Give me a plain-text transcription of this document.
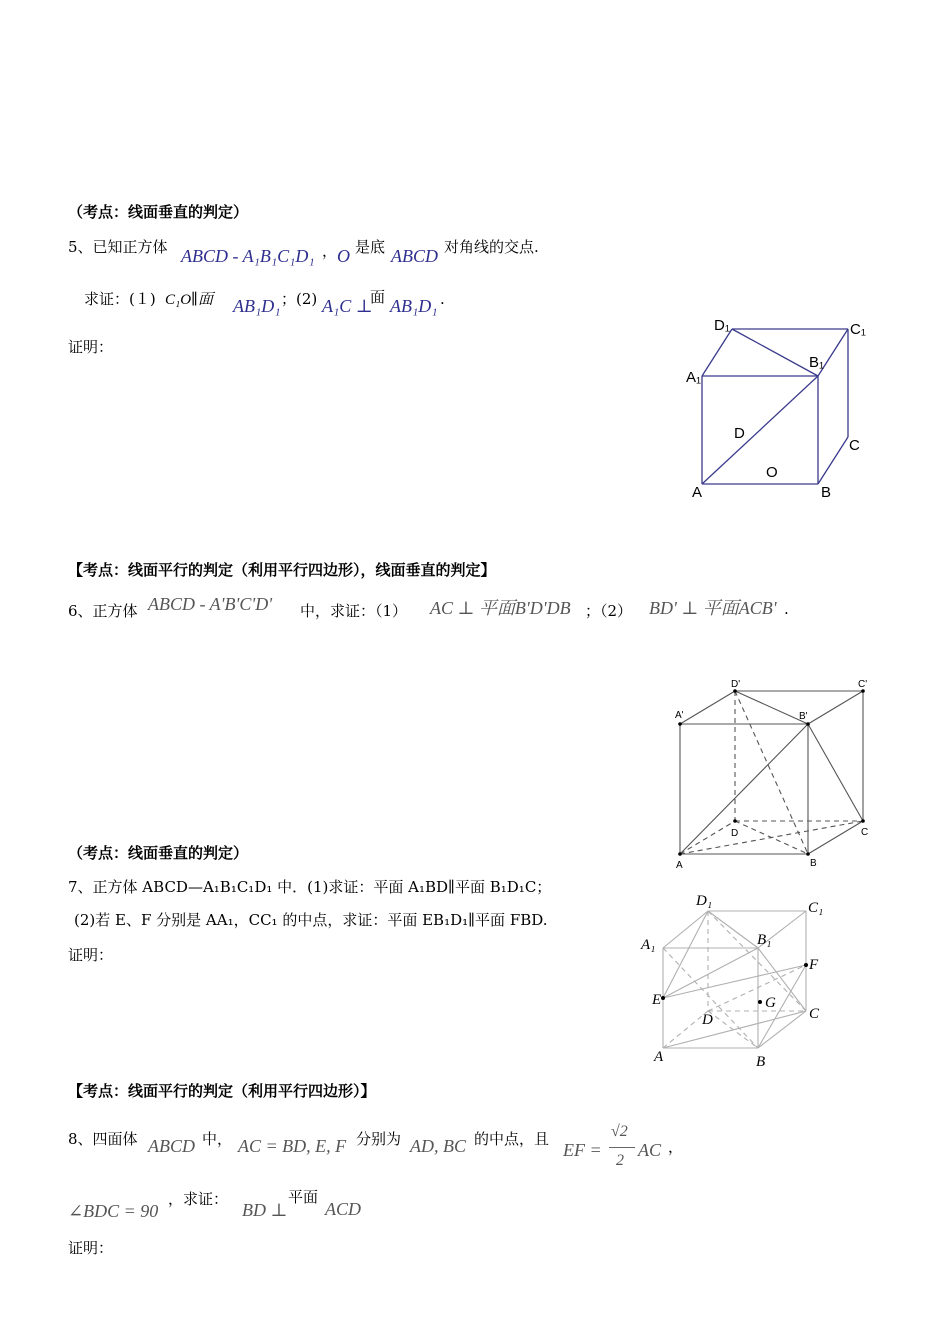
（考点：线面垂直的判定）
5、已知正方体 ABCD - A₁B₁C₁D₁ ， O 是底 ABCD 对角线的交点.
求证：(１) C₁O∥面 AB₁D₁ ；(2) A₁C ⊥
面 AB₁D₁ .
证明：
D₁	C₁
B₁
A₁
D
C
O
A	B
【考点：线面平行的判定（利用平行四边形），线面垂直的判定】
6、正方体 ABCD - A'B'C'D' 中，求证：（1） AC ⊥ 平面B'D'DB ；（2） BD' ⊥ 平面ACB' .
D'	C'
A'	B'
D	C
A	B
（考点：线面垂直的判定）
7、正方体 ABCD—A₁B₁C₁D₁ 中．(1)求证：平面 A₁BD∥平面 B₁D₁C；
(2)若 E、F 分别是 AA₁，CC₁ 的中点，求证：平面 EB₁D₁∥平面 FBD.
证明：
D₁	C₁
A₁	B₁
F
E	G
D	C
A	B
【考点：线面平行的判定（利用平行四边形）】
8、四面体 ABCD 中， AC = BD, E, F 分别为 AD, BC 的中点，且
EF =
√2
2
AC ，
∠BDC = 90
，求证：
BD ⊥
平面
ACD
证明：
